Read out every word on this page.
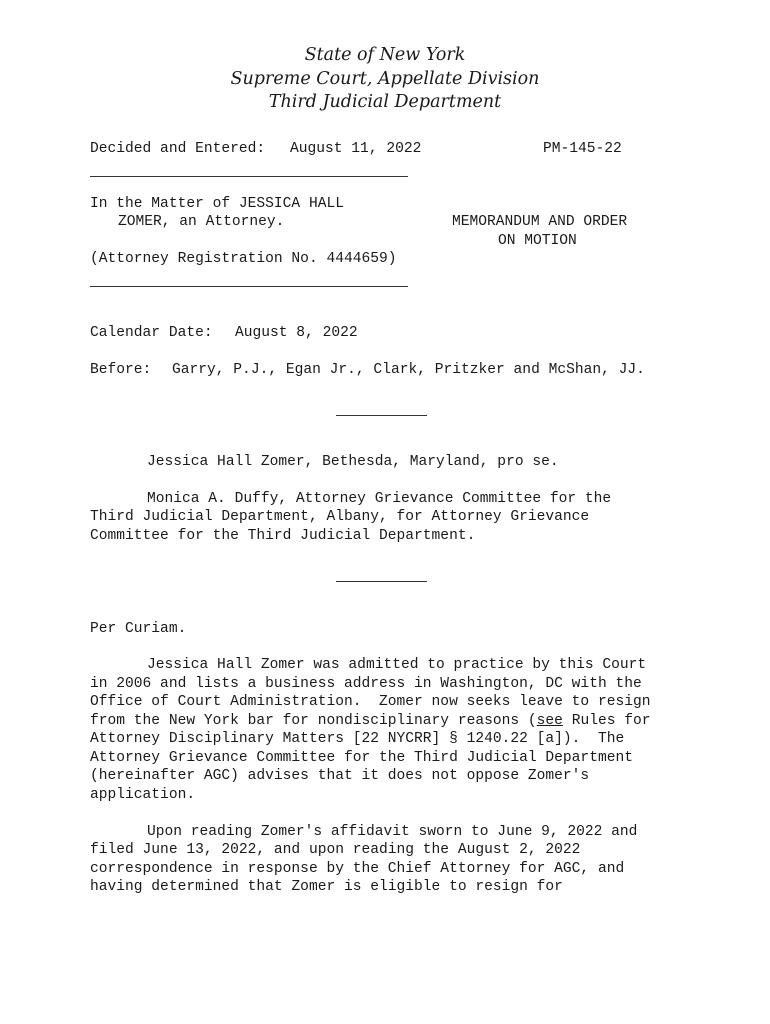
State of New York
Supreme Court, Appellate Division
Third Judicial Department
Decided and Entered: August 11, 2022	PM-145-22
In the Matter of JESSICA HALL
ZOMER, an Attorney.
(Attorney Registration No. 4444659)
MEMORANDUM AND ORDER
ON MOTION
Calendar Date: August 8, 2022
Before: Garry, P.J., Egan Jr., Clark, Pritzker and McShan, JJ.
Jessica Hall Zomer, Bethesda, Maryland, pro se.
Monica A. Duffy, Attorney Grievance Committee for the
Third Judicial Department, Albany, for Attorney Grievance
Committee for the Third Judicial Department.
Per Curiam.
Jessica Hall Zomer was admitted to practice by this Court
in 2006 and lists a business address in Washington, DC with the
Office of Court Administration.  Zomer now seeks leave to resign
from the New York bar for nondisciplinary reasons (see Rules for
Attorney Disciplinary Matters [22 NYCRR] § 1240.22 [a]).  The
Attorney Grievance Committee for the Third Judicial Department
(hereinafter AGC) advises that it does not oppose Zomer's
application.
Upon reading Zomer's affidavit sworn to June 9, 2022 and
filed June 13, 2022, and upon reading the August 2, 2022
correspondence in response by the Chief Attorney for AGC, and
having determined that Zomer is eligible to resign for
